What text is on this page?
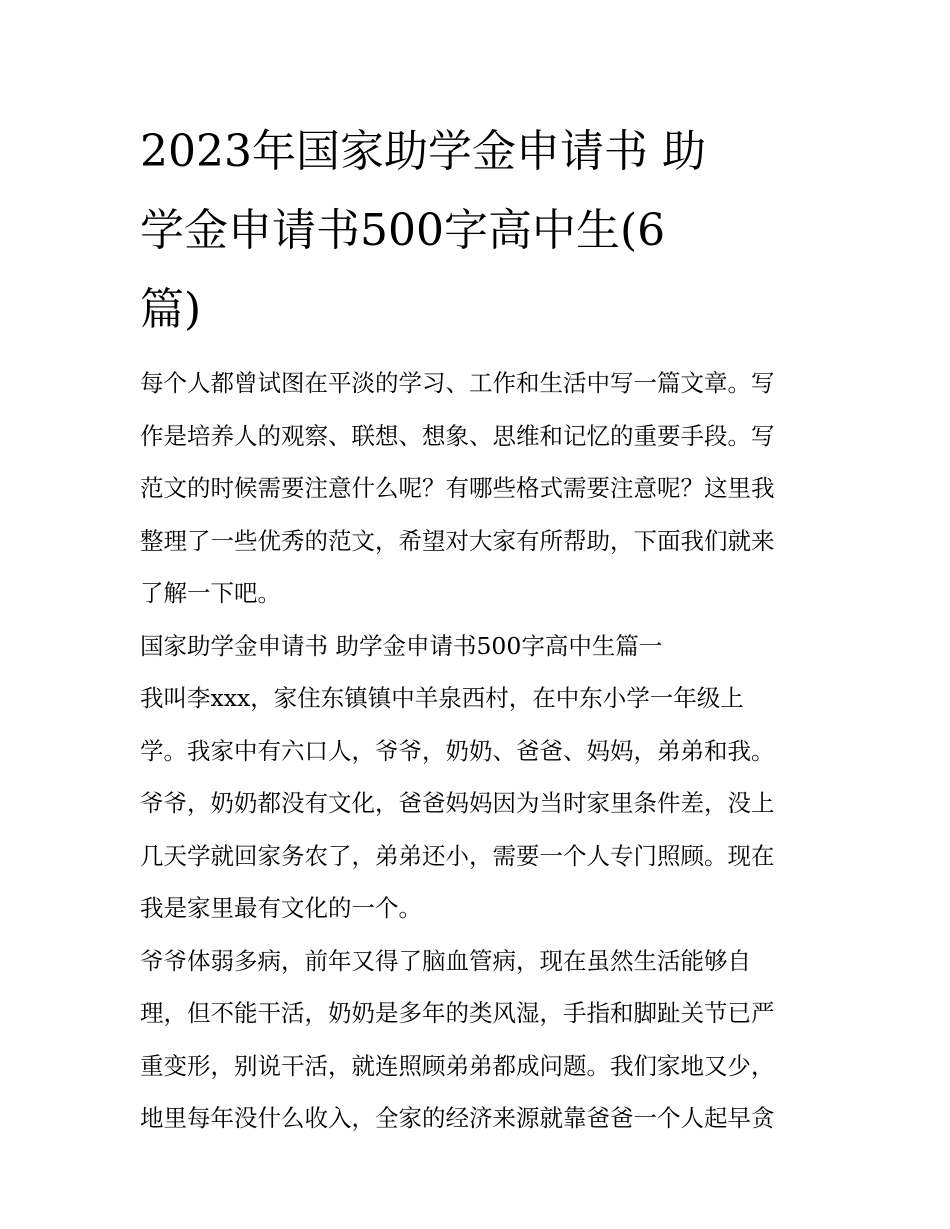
2023年国家助学金申请书 助
学金申请书500字高中生(6
篇)

每个人都曾试图在平淡的学习、工作和生活中写一篇文章。写
作是培养人的观察、联想、想象、思维和记忆的重要手段。写
范文的时候需要注意什么呢？有哪些格式需要注意呢？这里我
整理了一些优秀的范文，希望对大家有所帮助，下面我们就来
了解一下吧。

国家助学金申请书 助学金申请书500字高中生篇一

我叫李xxx，家住东镇镇中羊泉西村，在中东小学一年级上
学。我家中有六口人，爷爷，奶奶、爸爸、妈妈，弟弟和我。
爷爷，奶奶都没有文化，爸爸妈妈因为当时家里条件差，没上
几天学就回家务农了，弟弟还小，需要一个人专门照顾。现在
我是家里最有文化的一个。

爷爷体弱多病，前年又得了脑血管病，现在虽然生活能够自
理，但不能干活，奶奶是多年的类风湿，手指和脚趾关节已严
重变形，别说干活，就连照顾弟弟都成问题。我们家地又少，
地里每年没什么收入，全家的经济来源就靠爸爸一个人起早贪
